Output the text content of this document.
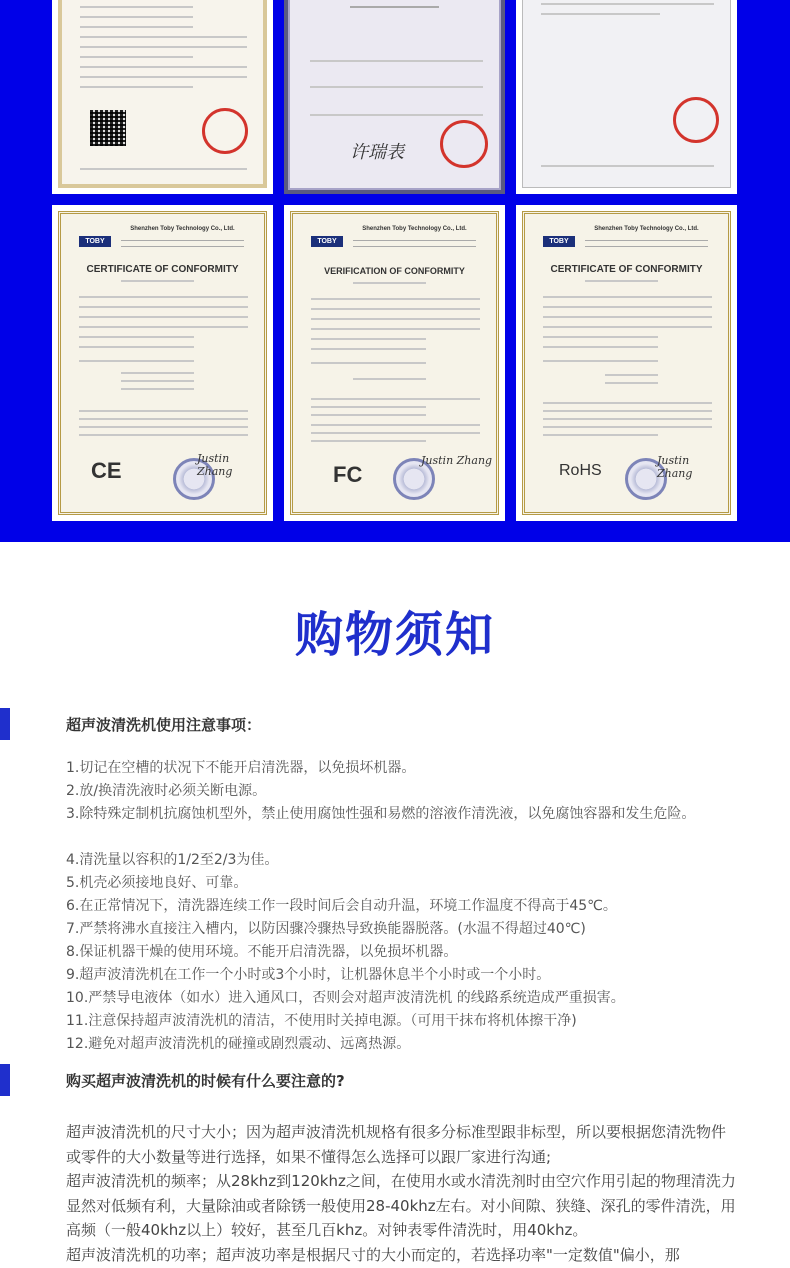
许瑞表
TOBY
Shenzhen Toby Technology Co., Ltd.
CERTIFICATE OF CONFORMITY
CE	Justin Zhang
TOBY
Shenzhen Toby Technology Co., Ltd.
VERIFICATION OF CONFORMITY
FC
Justin Zhang
TOBY
Shenzhen Toby Technology Co., Ltd.
CERTIFICATE OF CONFORMITY
RoHS
Justin Zhang
购物须知
超声波清洗机使用注意事项：
1.切记在空槽的状况下不能开启清洗器，以免损坏机器。
2.放/换清洗液时必须关断电源。
3.除特殊定制机抗腐蚀机型外，禁止使用腐蚀性强和易燃的溶液作清洗液，以免腐蚀容器和发生危险。
4.清洗量以容积的1/2至2/3为佳。
5.机壳必须接地良好、可靠。
6.在正常情况下，清洗器连续工作一段时间后会自动升温，环境工作温度不得高于45℃。
7.严禁将沸水直接注入槽内，以防因骤冷骤热导致换能器脱落。(水温不得超过40℃)
8.保证机器干燥的使用环境。不能开启清洗器，以免损坏机器。
9.超声波清洗机在工作一个小时或3个小时，让机器休息半个小时或一个小时。
10.严禁导电液体（如水）进入通风口，否则会对超声波清洗机 的线路系统造成严重损害。
11.注意保持超声波清洗机的清洁，不使用时关掉电源。（可用干抹布将机体擦干净)
12.避免对超声波清洗机的碰撞或剧烈震动、远离热源。
购买超声波清洗机的时候有什么要注意的?
超声波清洗机的尺寸大小；因为超声波清洗机规格有很多分标准型跟非标型，所以要根据您清洗物件或零件的大小数量等进行选择，如果不懂得怎么选择可以跟厂家进行沟通;
超声波清洗机的频率；从28khz到120khz之间，在使用水或水清洗剂时由空穴作用引起的物理清洗力显然对低频有利，大量除油或者除锈一般使用28-40khz左右。对小间隙、狭缝、深孔的零件清洗，用高频（一般40khz以上）较好，甚至几百khz。对钟表零件清洗时，用40khz。
超声波清洗机的功率；超声波功率是根据尺寸的大小而定的，若选择功率"一定数值"偏小，那
